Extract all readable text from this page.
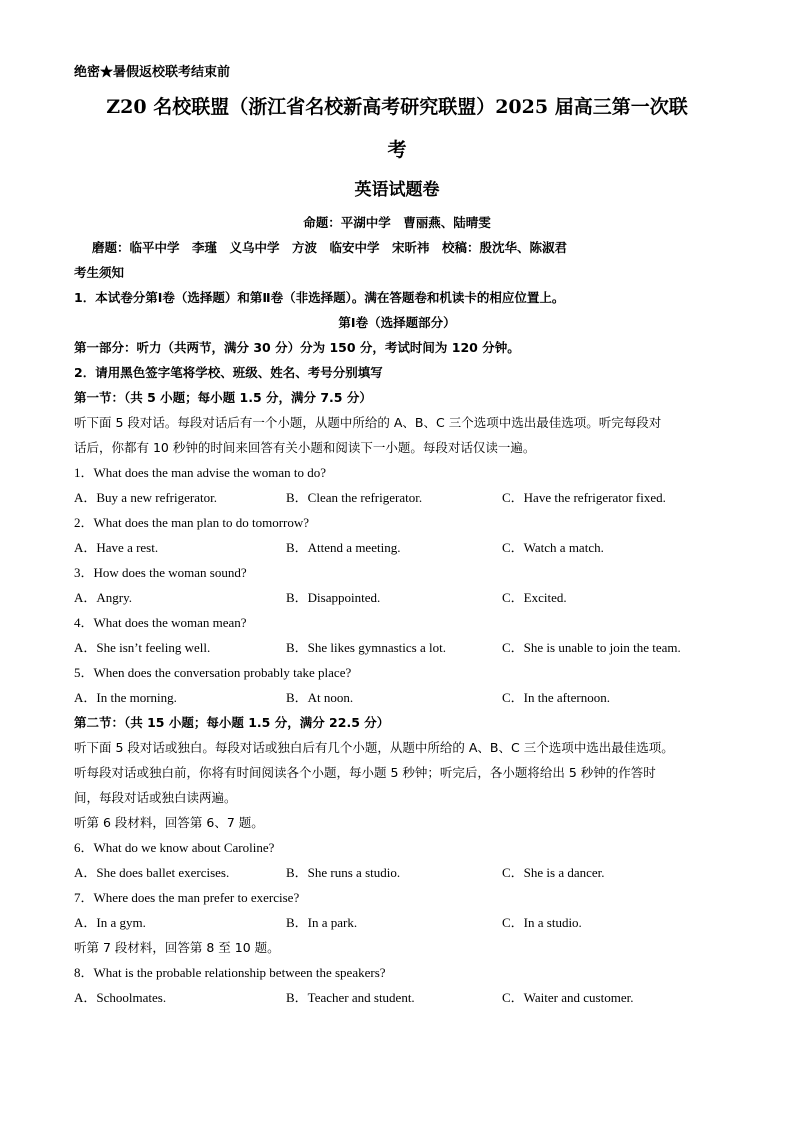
绝密★暑假返校联考结束前
Z20 名校联盟（浙江省名校新高考研究联盟）2025 届高三第一次联
考
英语试题卷
命题：平湖中学　曹丽燕、陆晴雯
磨题：临平中学　李瑾　义乌中学　方波　临安中学　宋昕祎　校稿：殷沈华、陈淑君
考生须知
1．本试卷分第Ⅰ卷（选择题）和第Ⅱ卷（非选择题）。满在答题卷和机读卡的相应位置上。
第Ⅰ卷（选择题部分）
第一部分：听力（共两节，满分 30 分）分为 150 分，考试时间为 120 分钟。
2．请用黑色签字笔将学校、班级、姓名、考号分别填写
第一节：（共 5 小题；每小题 1.5 分，满分 7.5 分）
听下面 5 段对话。每段对话后有一个小题，从题中所给的 A、B、C 三个选项中选出最佳选项。听完每段对
话后，你都有 10 秒钟的时间来回答有关小题和阅读下一小题。每段对话仅读一遍。
1．What does the man advise the woman to do?
A．Buy a new refrigerator.	B．Clean the refrigerator.	C．Have the refrigerator fixed.
2．What does the man plan to do tomorrow?
A．Have a rest.	B．Attend a meeting.	C．Watch a match.
3．How does the woman sound?
A．Angry.	B．Disappointed.	C．Excited.
4．What does the woman mean?
A．She isn’t feeling well.	B．She likes gymnastics a lot.	C．She is unable to join the team.
5．When does the conversation probably take place?
A．In the morning.	B．At noon.	C．In the afternoon.
第二节：（共 15 小题；每小题 1.5 分，满分 22.5 分）
听下面 5 段对话或独白。每段对话或独白后有几个小题，从题中所给的 A、B、C 三个选项中选出最佳选项。
听每段对话或独白前，你将有时间阅读各个小题，每小题 5 秒钟；听完后，各小题将给出 5 秒钟的作答时
间，每段对话或独白读两遍。
听第 6 段材料，回答第 6、7 题。
6．What do we know about Caroline?
A．She does ballet exercises.	B．She runs a studio.	C．She is a dancer.
7．Where does the man prefer to exercise?
A．In a gym.	B．In a park.	C．In a studio.
听第 7 段材料，回答第 8 至 10 题。
8．What is the probable relationship between the speakers?
A．Schoolmates.	B．Teacher and student.	C．Waiter and customer.
